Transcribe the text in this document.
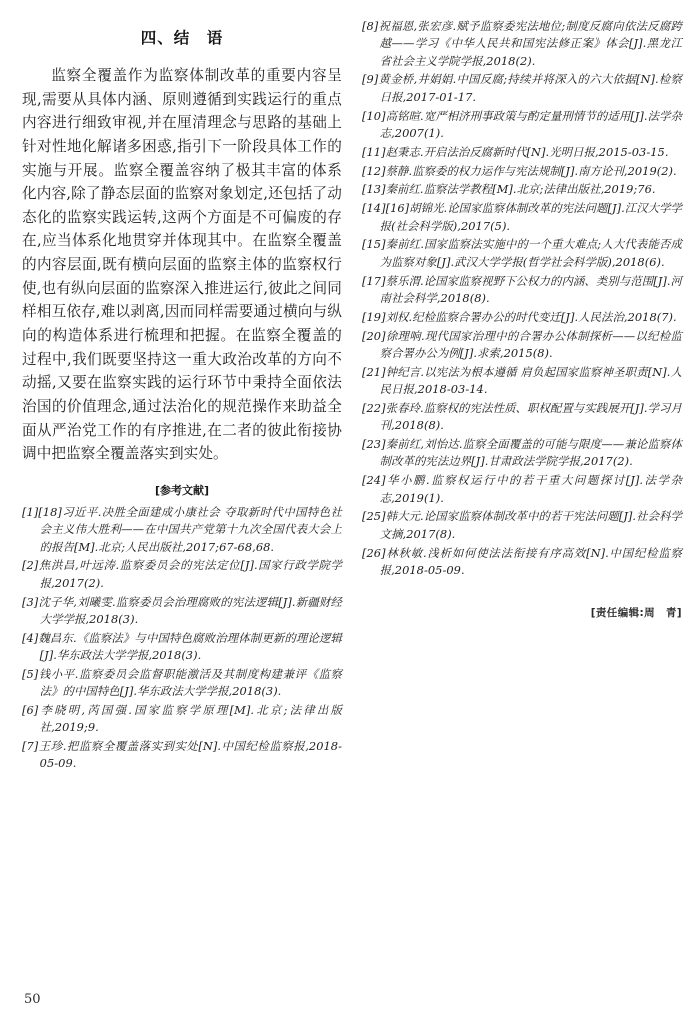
四、结　语

监察全覆盖作为监察体制改革的重要内容呈现,需要从具体内涵、原则遵循到实践运行的重点内容进行细致审视,并在厘清理念与思路的基础上针对性地化解诸多困惑,指引下一阶段具体工作的实施与开展。监察全覆盖容纳了极其丰富的体系化内容,除了静态层面的监察对象划定,还包括了动态化的监察实践运转,这两个方面是不可偏废的存在,应当体系化地贯穿并体现其中。在监察全覆盖的内容层面,既有横向层面的监察主体的监察权行使,也有纵向层面的监察深入推进运行,彼此之间同样相互依存,难以剥离,因而同样需要通过横向与纵向的构造体系进行梳理和把握。在监察全覆盖的过程中,我们既要坚持这一重大政治改革的方向不动摇,又要在监察实践的运行环节中秉持全面依法治国的价值理念,通过法治化的规范操作来助益全面从严治党工作的有序推进,在二者的彼此衔接协调中把监察全覆盖落实到实处。

[参考文献]
[1][18]习近平.决胜全面建成小康社会 夺取新时代中国特色社会主义伟大胜利——在中国共产党第十九次全国代表大会上的报告[M].北京;人民出版社,2017;67-68,68.
[2]焦洪昌,叶远涛.监察委员会的宪法定位[J].国家行政学院学报,2017(2).
[3]沈子华,刘曦雯.监察委员会治理腐败的宪法逻辑[J].新疆财经大学学报,2018(3).
[4]魏昌东.《监察法》与中国特色腐败治理体制更新的理论逻辑[J].华东政法大学学报,2018(3).
[5]钱小平.监察委员会监督职能激活及其制度构建兼评《监察法》的中国特色[J].华东政法大学学报,2018(3).
[6]李晓明,芮国强.国家监察学原理[M].北京;法律出版社,2019;9.
[7]王珍.把监察全覆盖落实到实处[N].中国纪检监察报,2018-05-09.
[8]祝福恩,张宏彦.赋予监察委宪法地位;制度反腐向依法反腐跨越——学习《中华人民共和国宪法修正案》体会[J].黑龙江省社会主义学院学报,2018(2).
[9]黄金桥,井娟娟.中国反腐;持续并将深入的六大依据[N].检察日报,2017-01-17.
[10]高铭暄.宽严相济刑事政策与酌定量刑情节的适用[J].法学杂志,2007(1).
[11]赵秉志.开启法治反腐新时代[N].光明日报,2015-03-15.
[12]蔡静.监察委的权力运作与宪法规制[J].南方论刊,2019(2).
[13]秦前红.监察法学教程[M].北京;法律出版社,2019;76.
[14][16]胡锦光.论国家监察体制改革的宪法问题[J].江汉大学学报(社会科学版),2017(5).
[15]秦前红.国家监察法实施中的一个重大难点;人大代表能否成为监察对象[J].武汉大学学报(哲学社会科学版),2018(6).
[17]蔡乐渭.论国家监察视野下公权力的内涵、类别与范围[J].河南社会科学,2018(8).
[19]刘权.纪检监察合署办公的时代变迁[J].人民法治,2018(7).
[20]徐理响.现代国家治理中的合署办公体制探析——以纪检监察合署办公为例[J].求索,2015(8).
[21]钟纪言.以宪法为根本遵循 肩负起国家监察神圣职责[N].人民日报,2018-03-14.
[22]张春玲.监察权的宪法性质、职权配置与实践展开[J].学习月刊,2018(8).
[23]秦前红,刘怡达.监察全面覆盖的可能与限度——兼论监察体制改革的宪法边界[J].甘肃政法学院学报,2017(2).
[24]华小鹏.监察权运行中的若干重大问题探讨[J].法学杂志,2019(1).
[25]韩大元.论国家监察体制改革中的若干宪法问题[J].社会科学文摘,2017(8).
[26]林秋敏.浅析如何使法法衔接有序高效[N].中国纪检监察报,2018-05-09.
[责任编辑:周　青]
50
